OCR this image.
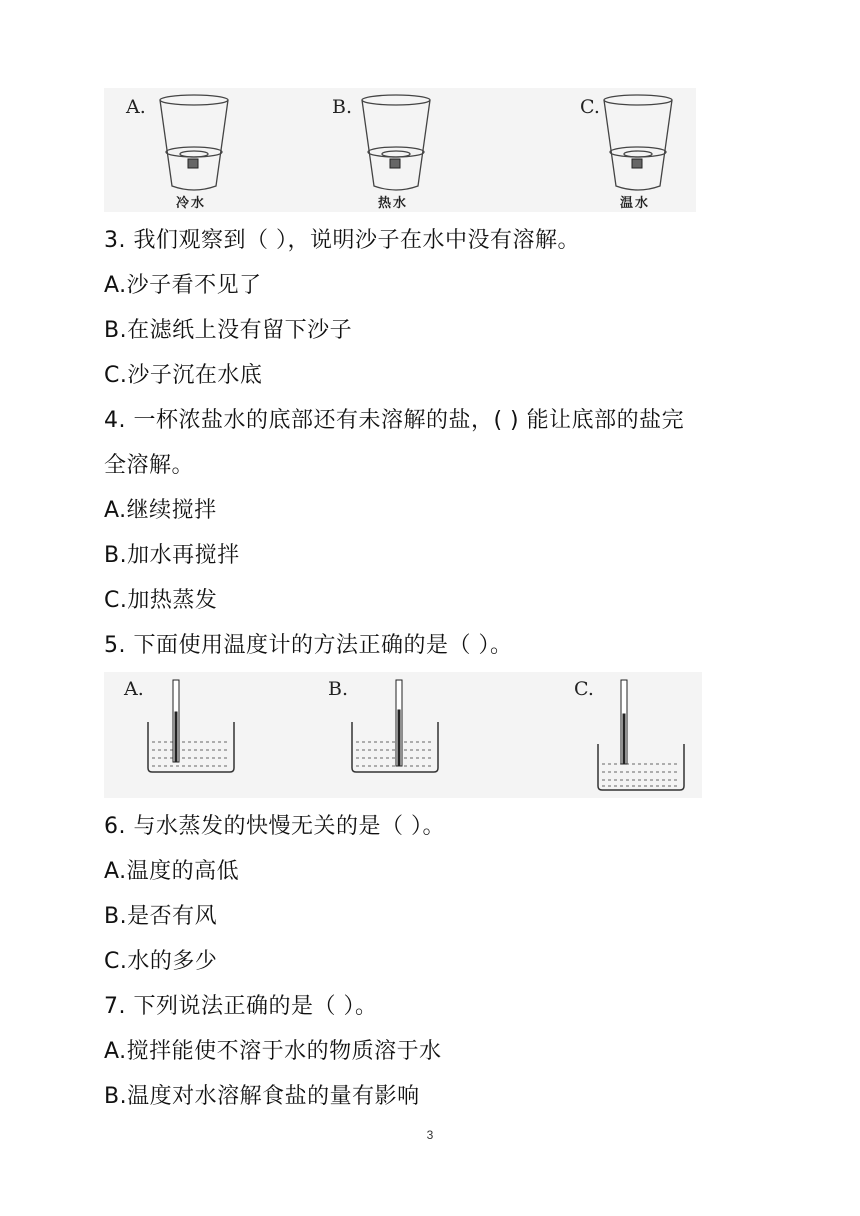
A.	B.	C.
冷水	热水	温水
3. 我们观察到（ ），说明沙子在水中没有溶解。
A.沙子看不见了
B.在滤纸上没有留下沙子
C.沙子沉在水底
4. 一杯浓盐水的底部还有未溶解的盐，( ) 能让底部的盐完
全溶解。
A.继续搅拌
B.加水再搅拌
C.加热蒸发
5. 下面使用温度计的方法正确的是（ ）。
A.	B.	C.
6. 与水蒸发的快慢无关的是（ ）。
A.温度的高低
B.是否有风
C.水的多少
7. 下列说法正确的是（ ）。
A.搅拌能使不溶于水的物质溶于水
B.温度对水溶解食盐的量有影响
3
